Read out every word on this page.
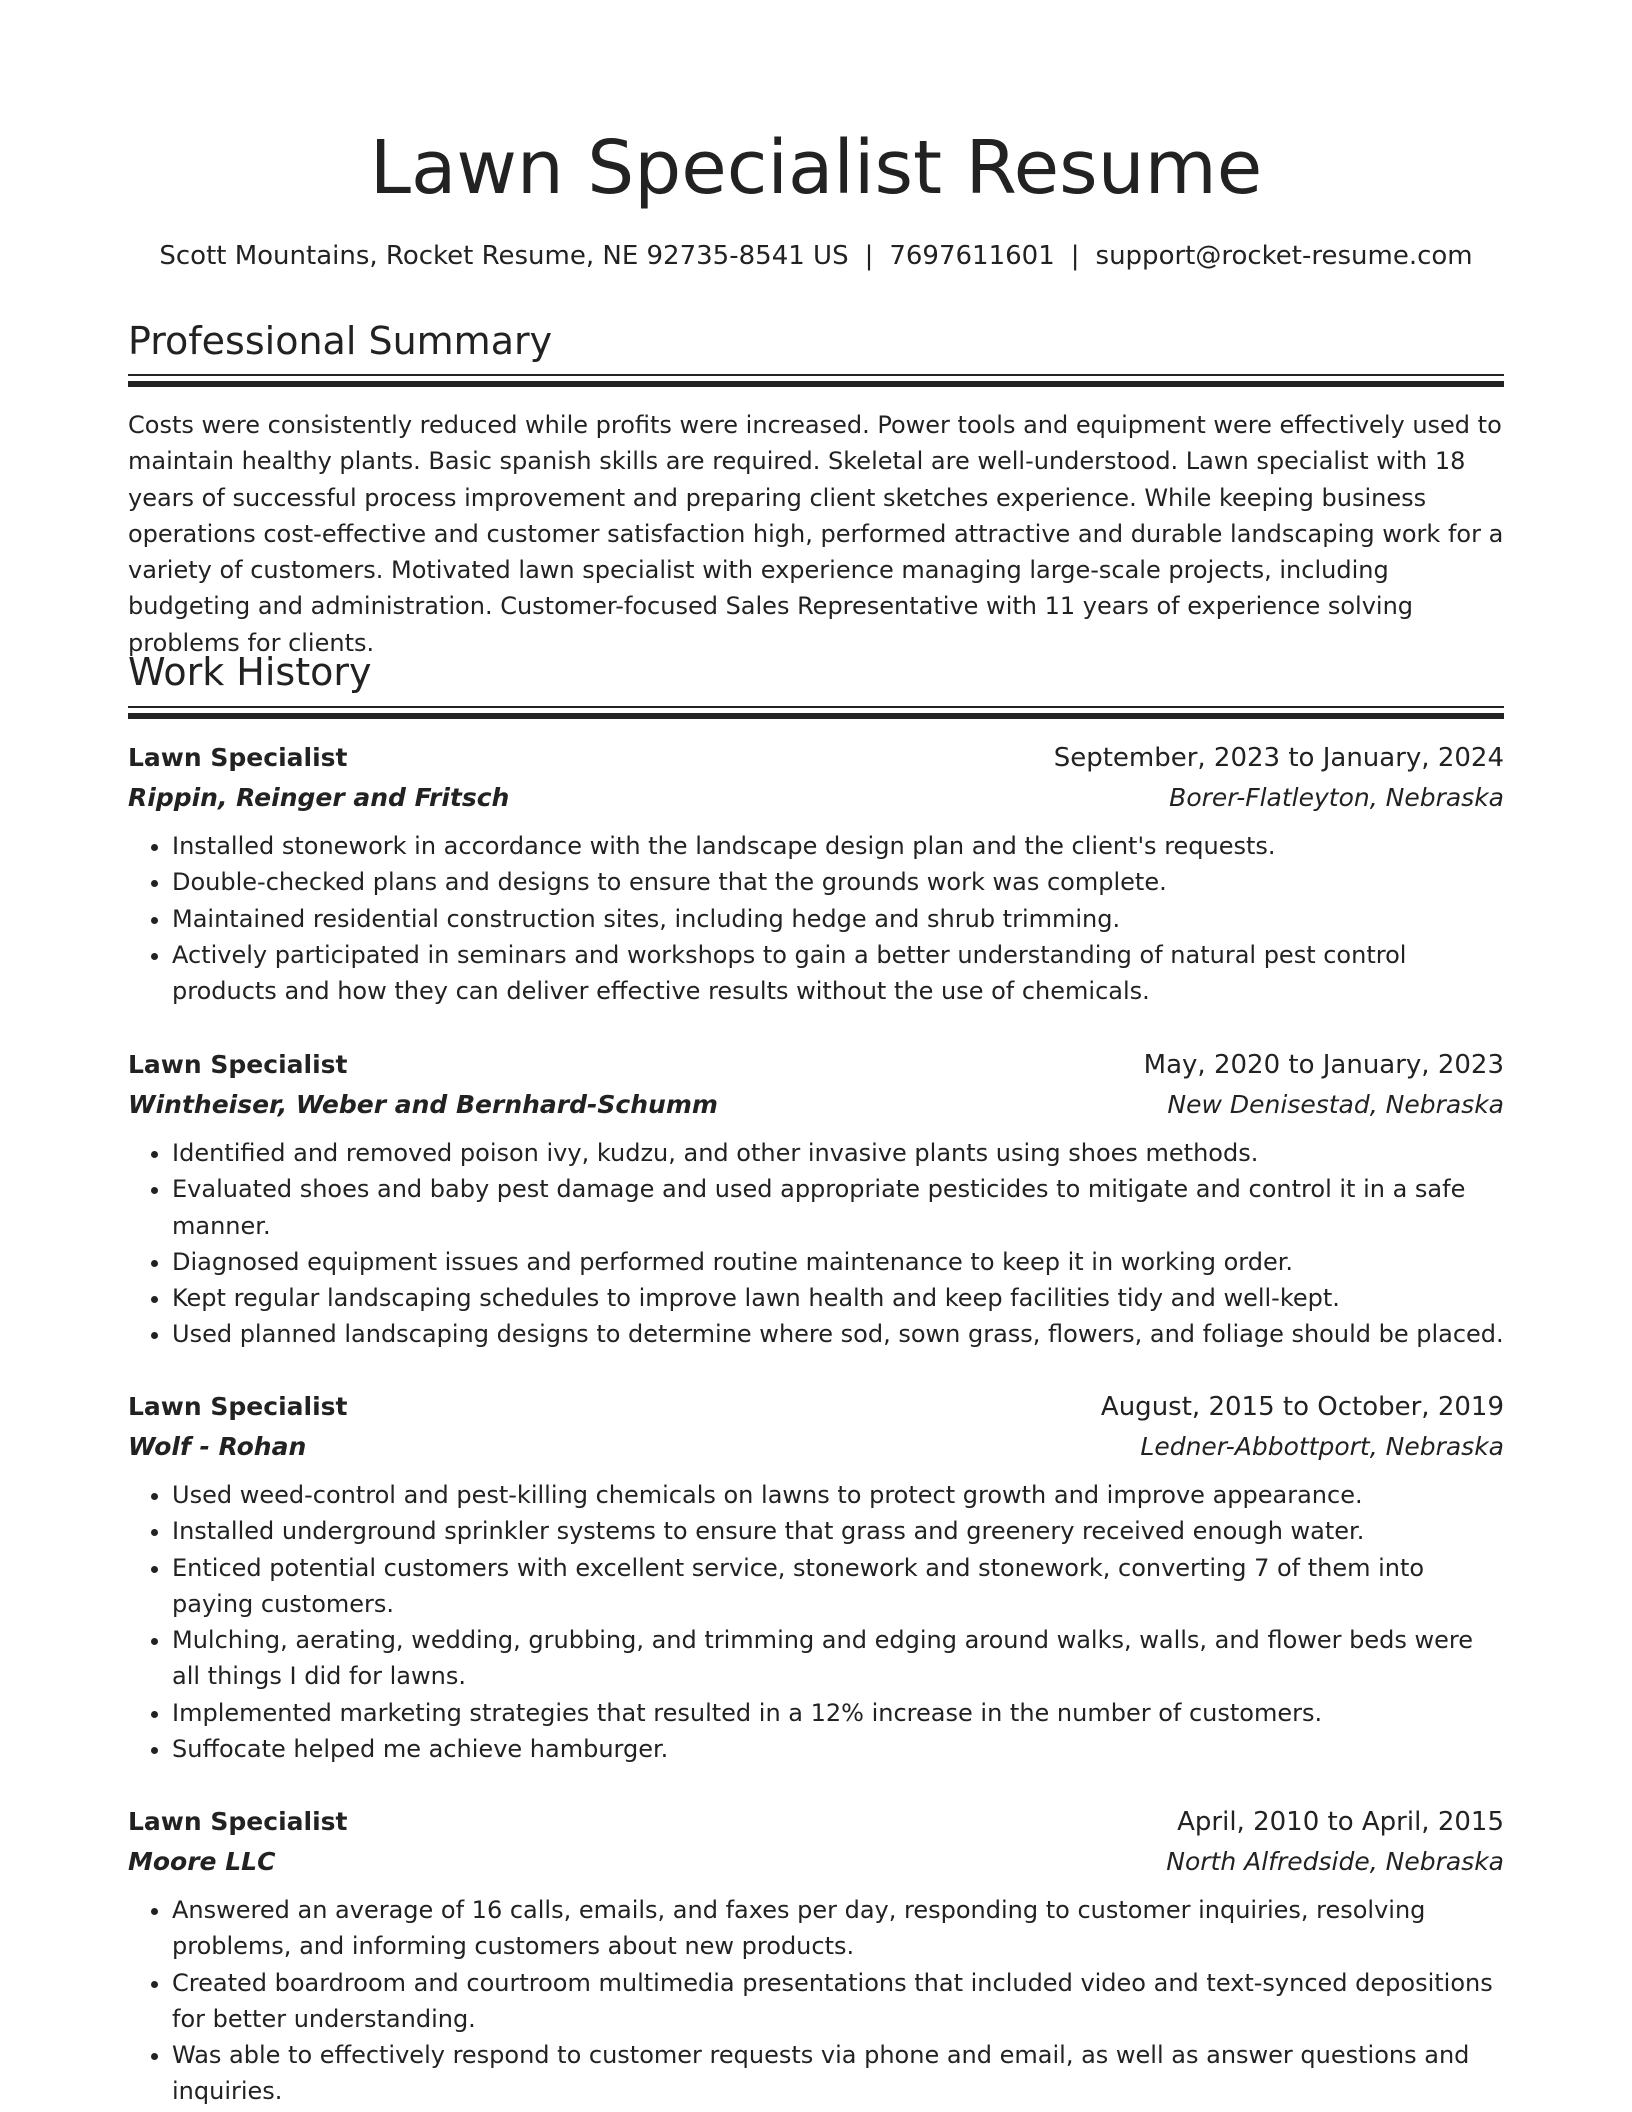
Lawn Specialist Resume
Scott Mountains, Rocket Resume, NE 92735-8541 US | 7697611601 | support@rocket-resume.com
Professional Summary

Costs were consistently reduced while profits were increased. Power tools and equipment were effectively used to maintain healthy plants. Basic spanish skills are required. Skeletal are well-understood. Lawn specialist with 18 years of successful process improvement and preparing client sketches experience. While keeping business operations cost-effective and customer satisfaction high, performed attractive and durable landscaping work for a variety of customers. Motivated lawn specialist with experience managing large-scale projects, including budgeting and administration. Customer-focused Sales Representative with 11 years of experience solving problems for clients.

Work History
Lawn Specialist	September, 2023 to January, 2024
Rippin, Reinger and Fritsch	Borer-Flatleyton, Nebraska
• Installed stonework in accordance with the landscape design plan and the client's requests.
• Double-checked plans and designs to ensure that the grounds work was complete.
• Maintained residential construction sites, including hedge and shrub trimming.
• Actively participated in seminars and workshops to gain a better understanding of natural pest control products and how they can deliver effective results without the use of chemicals.
Lawn Specialist	May, 2020 to January, 2023
Wintheiser, Weber and Bernhard-Schumm	New Denisestad, Nebraska
• Identified and removed poison ivy, kudzu, and other invasive plants using shoes methods.
• Evaluated shoes and baby pest damage and used appropriate pesticides to mitigate and control it in a safe manner.
• Diagnosed equipment issues and performed routine maintenance to keep it in working order.
• Kept regular landscaping schedules to improve lawn health and keep facilities tidy and well-kept.
• Used planned landscaping designs to determine where sod, sown grass, flowers, and foliage should be placed.
Lawn Specialist	August, 2015 to October, 2019
Wolf - Rohan	Ledner-Abbottport, Nebraska
• Used weed-control and pest-killing chemicals on lawns to protect growth and improve appearance.
• Installed underground sprinkler systems to ensure that grass and greenery received enough water.
• Enticed potential customers with excellent service, stonework and stonework, converting 7 of them into paying customers.
• Mulching, aerating, wedding, grubbing, and trimming and edging around walks, walls, and flower beds were all things I did for lawns.
• Implemented marketing strategies that resulted in a 12% increase in the number of customers.
• Suffocate helped me achieve hamburger.
Lawn Specialist	April, 2010 to April, 2015
Moore LLC	North Alfredside, Nebraska
• Answered an average of 16 calls, emails, and faxes per day, responding to customer inquiries, resolving problems, and informing customers about new products.
• Created boardroom and courtroom multimedia presentations that included video and text-synced depositions for better understanding.
• Was able to effectively respond to customer requests via phone and email, as well as answer questions and inquiries.
